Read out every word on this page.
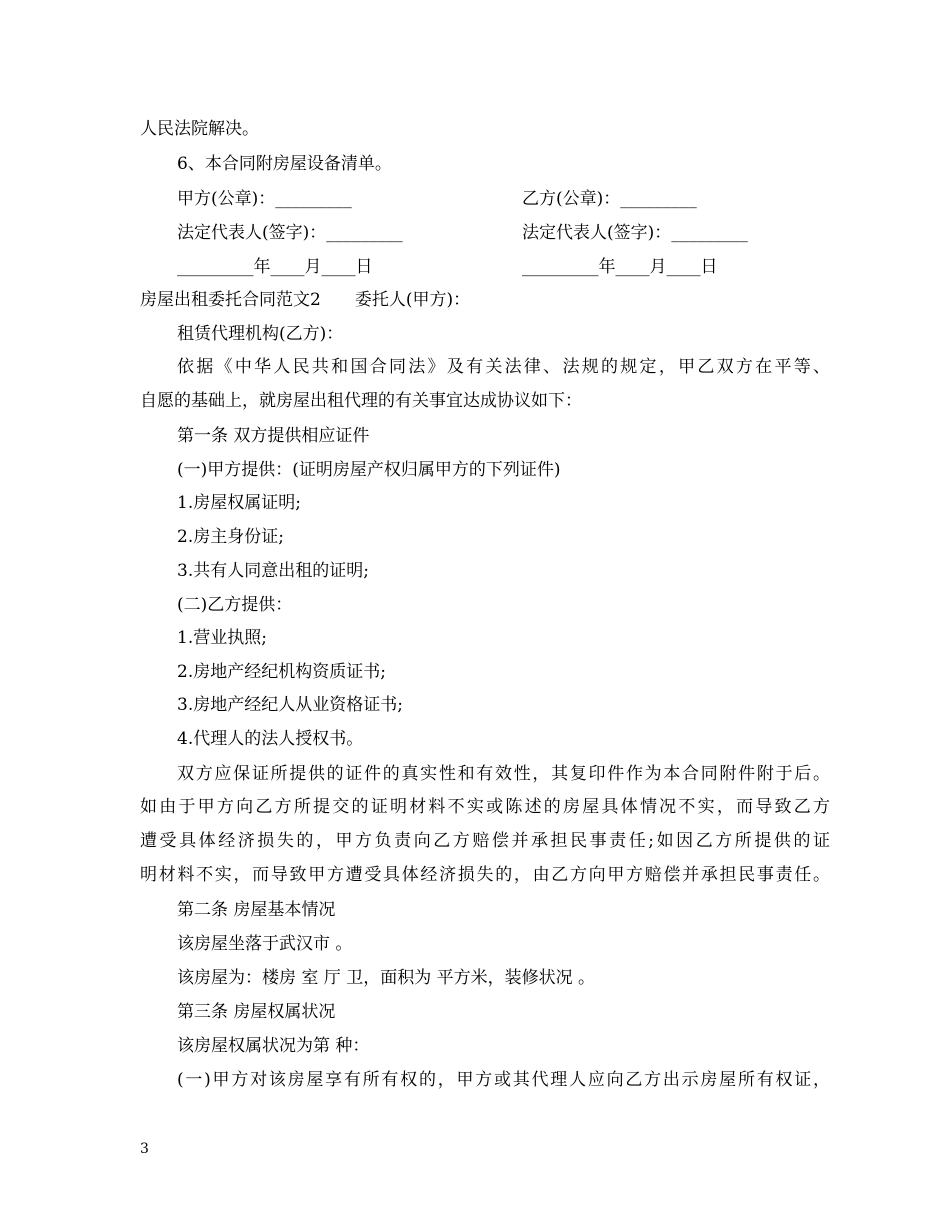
人民法院解决。
6、本合同附房屋设备清单。
甲方(公章)：_________	乙方(公章)：_________
法定代表人(签字)：_________	法定代表人(签字)：_________
_________年____月____日	_________年____月____日
房屋出租委托合同范文2　　委托人(甲方)：
租赁代理机构(乙方)：
依据《中华人民共和国合同法》及有关法律、法规的规定，甲乙双方在平等、
自愿的基础上，就房屋出租代理的有关事宜达成协议如下：
第一条 双方提供相应证件
(一)甲方提供：(证明房屋产权归属甲方的下列证件)
1.房屋权属证明;
2.房主身份证;
3.共有人同意出租的证明;
(二)乙方提供：
1.营业执照;
2.房地产经纪机构资质证书;
3.房地产经纪人从业资格证书;
4.代理人的法人授权书。
双方应保证所提供的证件的真实性和有效性，其复印件作为本合同附件附于后。
如由于甲方向乙方所提交的证明材料不实或陈述的房屋具体情况不实，而导致乙方
遭受具体经济损失的，甲方负责向乙方赔偿并承担民事责任;如因乙方所提供的证
明材料不实，而导致甲方遭受具体经济损失的，由乙方向甲方赔偿并承担民事责任。
第二条 房屋基本情况
该房屋坐落于武汉市 。
该房屋为：楼房 室 厅 卫，面积为 平方米，装修状况 。
第三条 房屋权属状况
该房屋权属状况为第 种：
(一)甲方对该房屋享有所有权的，甲方或其代理人应向乙方出示房屋所有权证，
3
